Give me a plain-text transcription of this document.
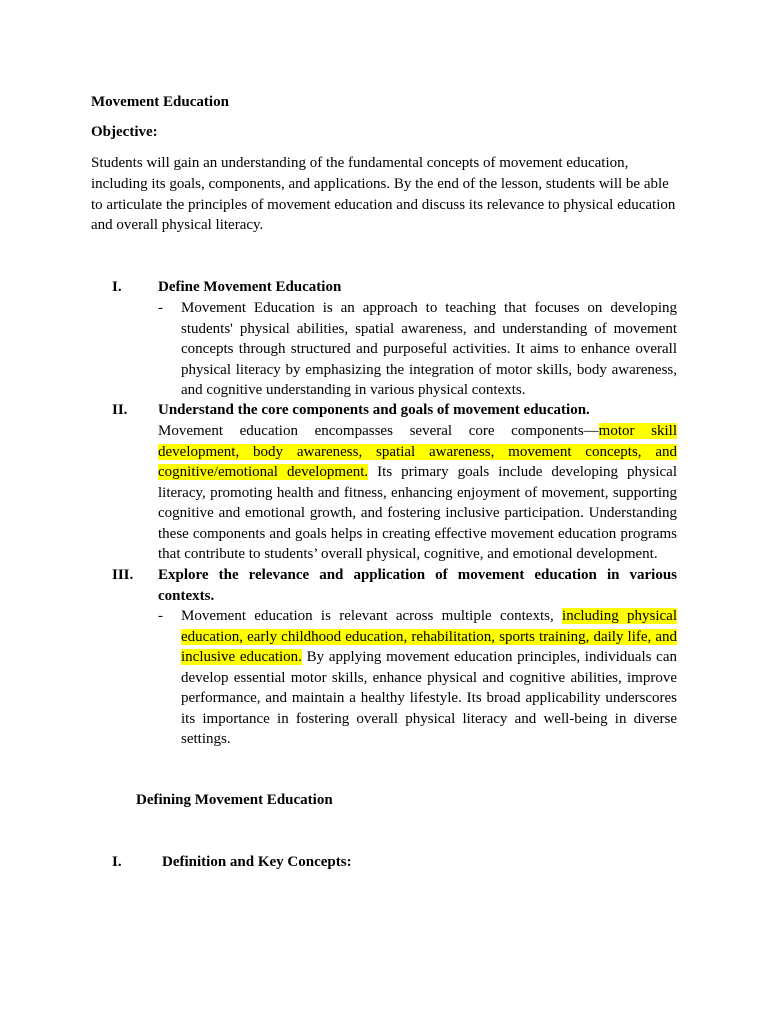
Movement Education
Objective:

Students will gain an understanding of the fundamental concepts of movement education, including its goals, components, and applications. By the end of the lesson, students will be able to articulate the principles of movement education and discuss its relevance to physical education and overall physical literacy.

I. Define Movement Education
- Movement Education is an approach to teaching that focuses on developing students' physical abilities, spatial awareness, and understanding of movement concepts through structured and purposeful activities. It aims to enhance overall physical literacy by emphasizing the integration of motor skills, body awareness, and cognitive understanding in various physical contexts.

II. Understand the core components and goals of movement education.

Movement education encompasses several core components—motor skill development, body awareness, spatial awareness, movement concepts, and cognitive/emotional development. Its primary goals include developing physical literacy, promoting health and fitness, enhancing enjoyment of movement, supporting cognitive and emotional growth, and fostering inclusive participation. Understanding these components and goals helps in creating effective movement education programs that contribute to students’ overall physical, cognitive, and emotional development.

III. Explore the relevance and application of movement education in various contexts.
- Movement education is relevant across multiple contexts, including physical education, early childhood education, rehabilitation, sports training, daily life, and inclusive education. By applying movement education principles, individuals can develop essential motor skills, enhance physical and cognitive abilities, improve performance, and maintain a healthy lifestyle. Its broad applicability underscores its importance in fostering overall physical literacy and well-being in diverse settings.

Defining Movement Education
I.	Definition and Key Concepts:
